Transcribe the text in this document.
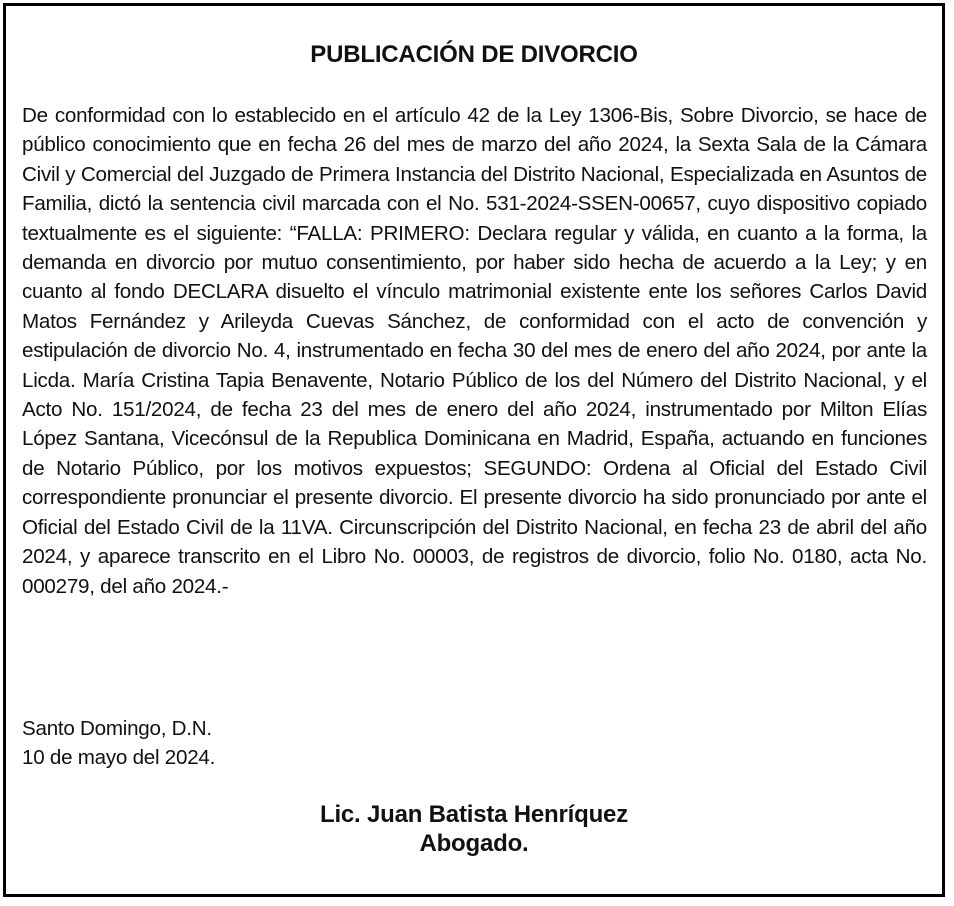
PUBLICACIÓN DE DIVORCIO

De conformidad con lo establecido en el artículo 42 de la Ley 1306-Bis, Sobre Divorcio, se hace de público conocimiento que en fecha 26 del mes de marzo del año 2024, la Sexta Sala de la Cámara Civil y Comercial del Juzgado de Primera Instancia del Distrito Nacional, Especializada en Asuntos de Familia, dictó la sentencia civil marcada con el No. 531-2024-SSEN-00657, cuyo dispositivo copiado textualmente es el siguiente: “FALLA: PRIMERO: Declara regular y válida, en cuanto a la forma, la demanda en divorcio por mutuo consentimiento, por haber sido hecha de acuerdo a la Ley; y en cuanto al fondo DECLARA disuelto el vínculo matrimonial existente ente los señores Carlos David Matos Fernández y Arileyda Cuevas Sánchez, de conformidad con el acto de convención y estipulación de divorcio No. 4, instrumentado en fecha 30 del mes de enero del año 2024, por ante la Licda. María Cristina Tapia Benavente, Notario Público de los del Número del Distrito Nacional, y el Acto No. 151/2024, de fecha 23 del mes de enero del año 2024, instrumentado por Milton Elías López Santana, Vicecónsul de la Republica Dominicana en Madrid, España, actuando en funciones de Notario Público, por los motivos expuestos; SEGUNDO: Ordena al Oficial del Estado Civil correspondiente pronunciar el presente divorcio. El presente divorcio ha sido pronunciado por ante el Oficial del Estado Civil de la 11VA. Circunscripción del Distrito Nacional, en fecha 23 de abril del año 2024, y aparece transcrito en el Libro No. 00003, de registros de divorcio, folio No. 0180, acta No. 000279, del año 2024.-

Santo Domingo, D.N.
10 de mayo del 2024.
Lic. Juan Batista Henríquez
Abogado.
